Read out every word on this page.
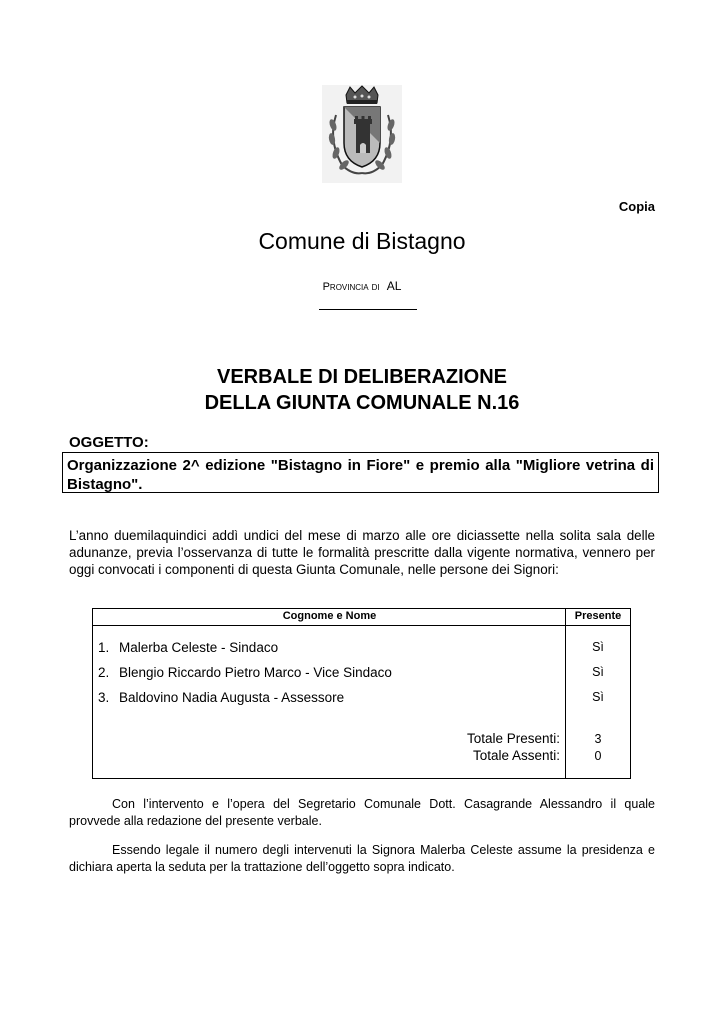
Copia
Comune di Bistagno
Provincia di AL
VERBALE DI DELIBERAZIONE
DELLA GIUNTA COMUNALE N.16
OGGETTO:
Organizzazione 2^ edizione "Bistagno in Fiore" e premio alla "Migliore vetrina di Bistagno".
L’anno duemilaquindici addì undici del mese di marzo alle ore diciassette nella solita sala delle adunanze, previa l’osservanza di tutte le formalità prescritte dalla vigente normativa, vennero per oggi convocati i componenti di questa Giunta Comunale, nelle persone dei Signori:
Cognome e Nome	Presente
1. Malerba Celeste - Sindaco	Sì
2. Blengio Riccardo Pietro Marco - Vice Sindaco	Sì
3. Baldovino Nadia Augusta - Assessore	Sì
Totale Presenti:	3
Totale Assenti:	0
Con l’intervento e l’opera del Segretario Comunale Dott. Casagrande Alessandro il quale provvede alla redazione del presente verbale.
Essendo legale il numero degli intervenuti la Signora Malerba Celeste assume la presidenza e dichiara aperta la seduta per la trattazione dell’oggetto sopra indicato.
